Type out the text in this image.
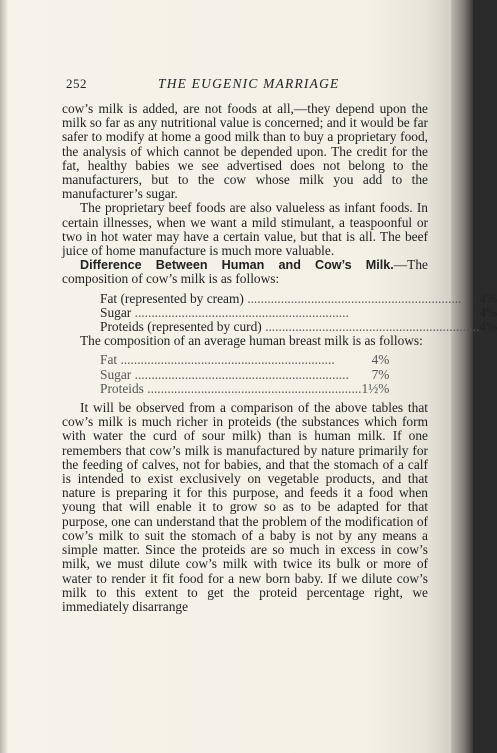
252	THE EUGENIC MARRIAGE

cow’s milk is added, are not foods at all,—they depend upon the milk so far as any nutritional value is concerned; and it would be far safer to modify at home a good milk than to buy a proprietary food, the analysis of which cannot be depended upon. The credit for the fat, healthy babies we see advertised does not belong to the manufacturers, but to the cow whose milk you add to the manufacturer’s sugar.

The proprietary beef foods are also valueless as infant foods. In certain illnesses, when we want a mild stimulant, a teaspoonful or two in hot water may have a certain value, but that is all. The beef juice of home manufacture is much more valuable.

Difference Between Human and Cow’s Milk.—The composition of cow’s milk is as follows:

Fat (represented by cream) .....	4%
Sugar .....	4%
Proteids (represented by curd) .....	4%

The composition of an average human breast milk is as follows:

Fat .....	4%
Sugar .....	7%
Proteids .....	1½%

It will be observed from a comparison of the above tables that cow’s milk is much richer in proteids (the substances which form with water the curd of sour milk) than is human milk. If one remembers that cow’s milk is manufactured by nature primarily for the feeding of calves, not for babies, and that the stomach of a calf is intended to exist exclusively on vegetable products, and that nature is preparing it for this purpose, and feeds it a food when young that will enable it to grow so as to be adapted for that purpose, one can understand that the problem of the modification of cow’s milk to suit the stomach of a baby is not by any means a simple matter. Since the proteids are so much in excess in cow’s milk, we must dilute cow’s milk with twice its bulk or more of water to render it fit food for a new born baby. If we dilute cow’s milk to this extent to get the proteid percentage right, we immediately disarrange
